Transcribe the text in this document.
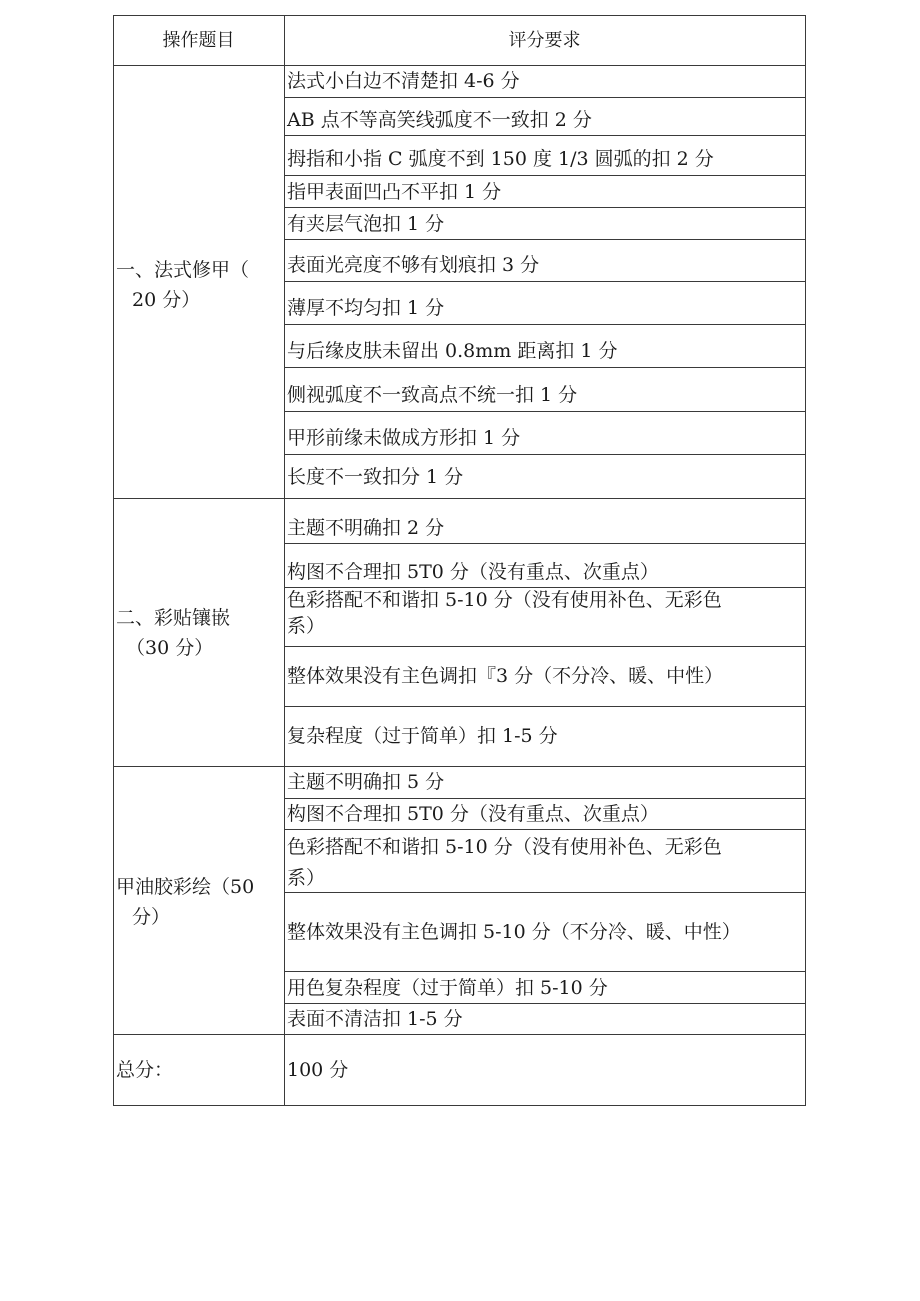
操作题目	评分要求
一、法式修甲（
20 分）
法式小白边不清楚扣 4-6 分
AB 点不等高笑线弧度不一致扣 2 分
拇指和小指 C 弧度不到 150 度 1/3 圆弧的扣 2 分
指甲表面凹凸不平扣 1 分
有夹层气泡扣 1 分
表面光亮度不够有划痕扣 3 分
薄厚不均匀扣 1 分
与后缘皮肤未留出 0.8mm 距离扣 1 分
侧视弧度不一致高点不统一扣 1 分
甲形前缘未做成方形扣 1 分
长度不一致扣分 1 分
二、彩贴镶嵌
（30 分）
主题不明确扣 2 分
构图不合理扣 5T0 分（没有重点、次重点）
色彩搭配不和谐扣 5-10 分（没有使用补色、无彩色
系）
整体效果没有主色调扣『3 分（不分冷、暖、中性）
复杂程度（过于简单）扣 1-5 分
甲油胶彩绘（50
分）
主题不明确扣 5 分
构图不合理扣 5T0 分（没有重点、次重点）
色彩搭配不和谐扣 5-10 分（没有使用补色、无彩色
系）
整体效果没有主色调扣 5-10 分（不分冷、暖、中性）
用色复杂程度（过于简单）扣 5-10 分
表面不清洁扣 1-5 分
总分：	100 分
